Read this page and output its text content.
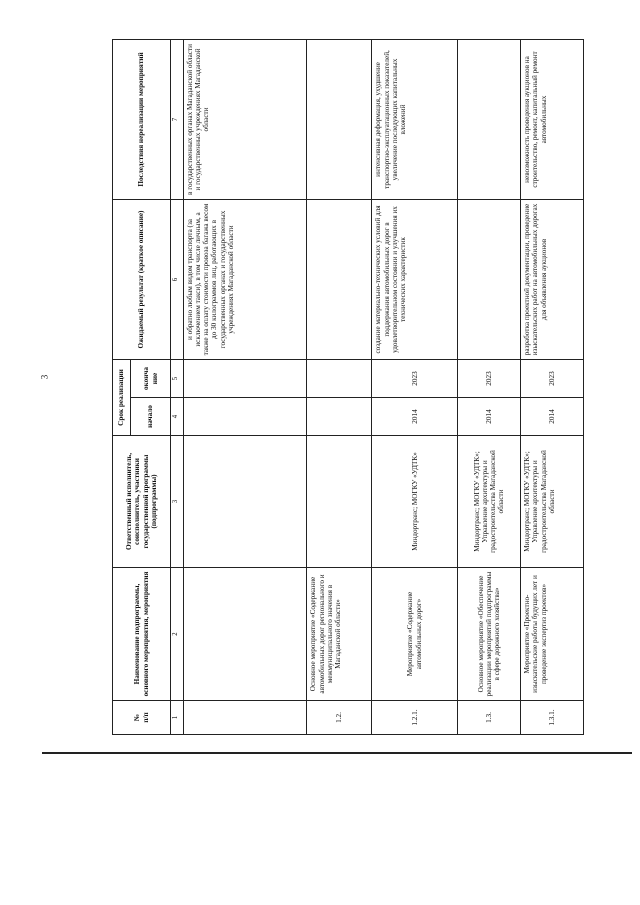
3
№
п/п	Наименование подпрограммы, основного мероприятия, мероприятия	Ответственный исполнитель, соисполнитель, участники государственной программы (подпрограммы)	Срок реализации		Ожидаемый результат (краткое описание)	Последствия нереализации мероприятий
			начало	оконча ние		
1	2	3	4	5	6	7
					и обратно любым видом транспорта (за исключением такси), в том числе личным, а также на оплату стоимости провоза багажа весом до 30 килограммов лиц, работающих в государственных органах и государственных учреждениях Магаданской области	в государственных органах Магаданской области и государственных учреждениях Магаданской области
1.2.	Основное мероприятие «Содержание автомобильных дорог регионального и межмуниципального значения в Магаданской области»					
1.2.1.	Мероприятие «Содержание автомобильных дорог»	Миндортранс; МОГКУ «УДТК»	2014	2023	создание материально-технических условий для поддержания автомобильных дорог в удовлетворительном состоянии и улучшения их технических характеристик	интенсивная деформация, ухудшение транспортно-эксплуатационных показателей, увеличение последующих капитальных вложений
1.3.	Основное мероприятие «Обеспечение реализации мероприятий подпрограммы в сфере дорожного хозяйства»	Миндортранс; МОГКУ «УДТК»; Управление архитектуры и градостроительства Магаданской области	2014	2023		
1.3.1.	Мероприятие «Проектно-изыскательские работы будущих лет и проведение экспертиз проектов»	Миндортранс; МОГКУ «УДТК»; Управление архитектуры и градостроительства Магаданской области	2014	2023	разработка проектной документации, проведение изыскательских работ на автомобильных дорогах для объявления аукционов	невозможность проведения аукционов на строительство, ремонт, капитальный ремонт автомобильных
